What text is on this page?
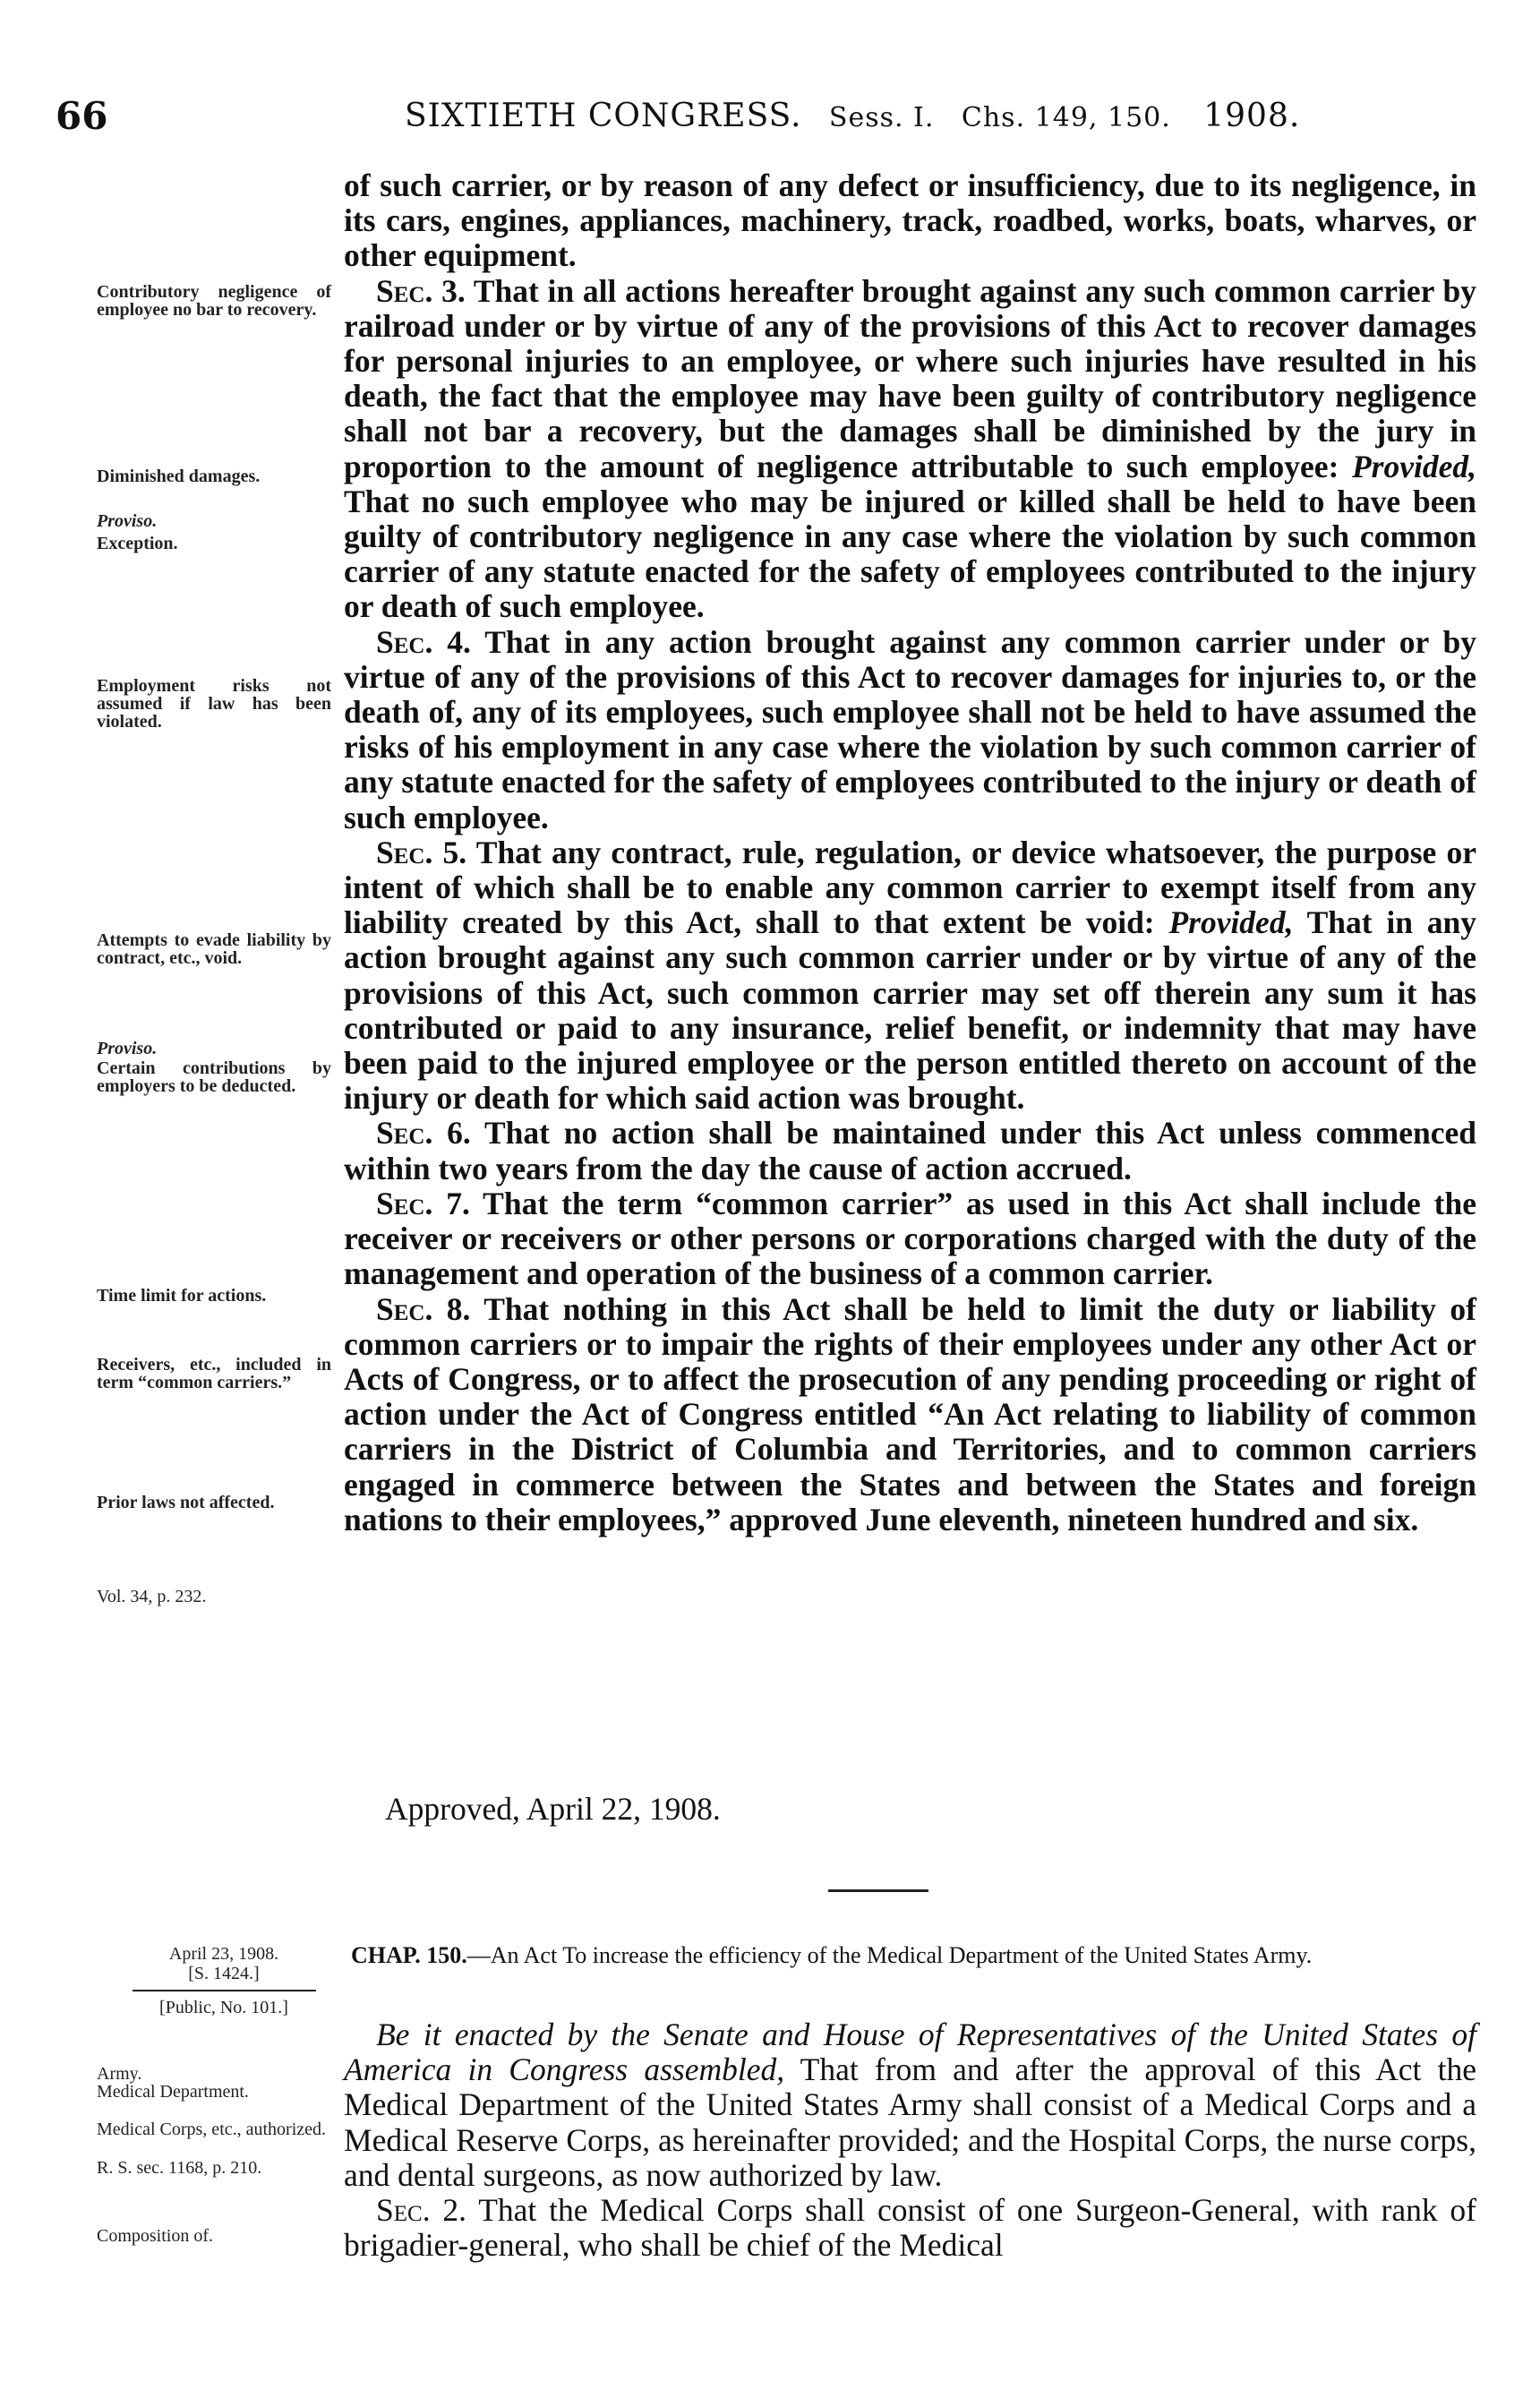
66	SIXTIETH CONGRESS. Sess. I. Chs. 149, 150. 1908.

of such carrier, or by reason of any defect or insufficiency, due to its negligence, in its cars, engines, appliances, machinery, track, roadbed, works, boats, wharves, or other equipment.

Sec. 3. That in all actions hereafter brought against any such common carrier by railroad under or by virtue of any of the provisions of this Act to recover damages for personal injuries to an employee, or where such injuries have resulted in his death, the fact that the employee may have been guilty of contributory negligence shall not bar a recovery, but the damages shall be diminished by the jury in proportion to the amount of negligence attributable to such employee: Provided, That no such employee who may be injured or killed shall be held to have been guilty of contributory negligence in any case where the violation by such common carrier of any statute enacted for the safety of employees contributed to the injury or death of such employee.

Sec. 4. That in any action brought against any common carrier under or by virtue of any of the provisions of this Act to recover damages for injuries to, or the death of, any of its employees, such employee shall not be held to have assumed the risks of his employment in any case where the violation by such common carrier of any statute enacted for the safety of employees contributed to the injury or death of such employee.

Sec. 5. That any contract, rule, regulation, or device whatsoever, the purpose or intent of which shall be to enable any common carrier to exempt itself from any liability created by this Act, shall to that extent be void: Provided, That in any action brought against any such common carrier under or by virtue of any of the provisions of this Act, such common carrier may set off therein any sum it has contributed or paid to any insurance, relief benefit, or indemnity that may have been paid to the injured employee or the person entitled thereto on account of the injury or death for which said action was brought.

Sec. 6. That no action shall be maintained under this Act unless commenced within two years from the day the cause of action accrued.

Sec. 7. That the term “common carrier” as used in this Act shall include the receiver or receivers or other persons or corporations charged with the duty of the management and operation of the business of a common carrier.

Sec. 8. That nothing in this Act shall be held to limit the duty or liability of common carriers or to impair the rights of their employees under any other Act or Acts of Congress, or to affect the prosecution of any pending proceeding or right of action under the Act of Congress entitled “An Act relating to liability of common carriers in the District of Columbia and Territories, and to common carriers engaged in commerce between the States and between the States and foreign nations to their employees,” approved June eleventh, nineteen hundred and six.

Approved, April 22, 1908.
CHAP. 150.—An Act To increase the efficiency of the Medical Department of the United States Army.

Be it enacted by the Senate and House of Representatives of the United States of America in Congress assembled, That from and after the approval of this Act the Medical Department of the United States Army shall consist of a Medical Corps and a Medical Reserve Corps, as hereinafter provided; and the Hospital Corps, the nurse corps, and dental surgeons, as now authorized by law.

Sec. 2. That the Medical Corps shall consist of one Surgeon-General, with rank of brigadier-general, who shall be chief of the Medical

Contributory negligence of employee no bar to recovery.
Diminished damages.
Proviso.
Exception.
Employment risks not assumed if law has been violated.
Attempts to evade liability by contract, etc., void.
Proviso.
Certain contributions by employers to be deducted.
Time limit for actions.
Receivers, etc., included in term “common carriers.”
Prior laws not affected.
Vol. 34, p. 232.
April 23, 1908.
[S. 1424.]
[Public, No. 101.]
Army.
Medical Department.
Medical Corps, etc., authorized.
R. S. sec. 1168, p. 210.
Composition of.
